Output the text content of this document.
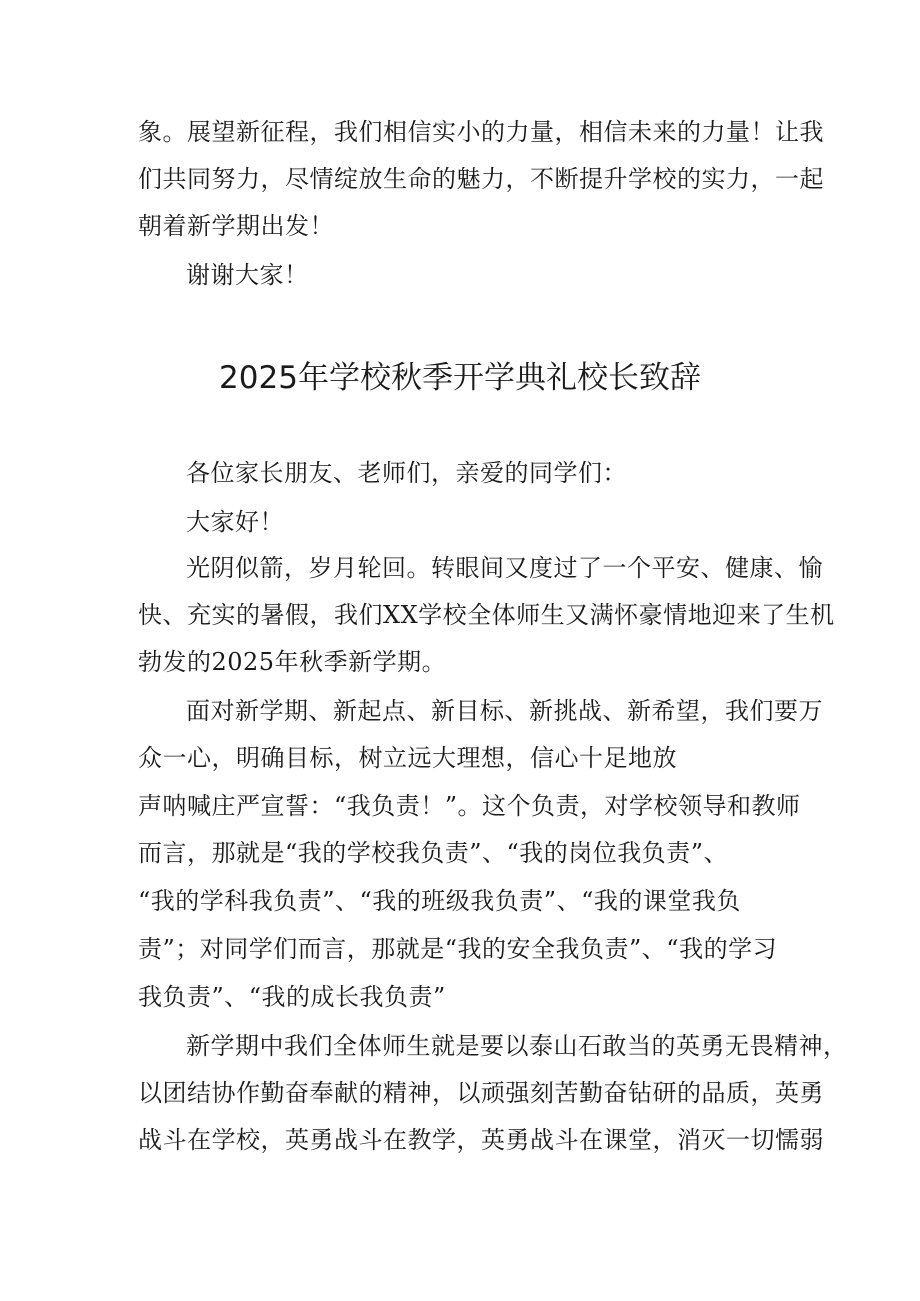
象。展望新征程，我们相信实小的力量，相信未来的力量！让我
们共同努力，尽情绽放生命的魅力，不断提升学校的实力，一起
朝着新学期出发！
谢谢大家！
2025年学校秋季开学典礼校长致辞
各位家长朋友、老师们，亲爱的同学们：
大家好！
光阴似箭，岁月轮回。转眼间又度过了一个平安、健康、愉
快、充实的暑假，我们XX学校全体师生又满怀豪情地迎来了生机
勃发的2025年秋季新学期。
面对新学期、新起点、新目标、新挑战、新希望，我们要万
众一心，明确目标，树立远大理想，信心十足地放
声呐喊庄严宣誓：“我负责！”。这个负责，对学校领导和教师
而言，那就是“我的学校我负责”、“我的岗位我负责”、
“我的学科我负责”、“我的班级我负责”、“我的课堂我负
责”；对同学们而言，那就是“我的安全我负责”、“我的学习
我负责”、“我的成长我负责”
新学期中我们全体师生就是要以泰山石敢当的英勇无畏精神，
以团结协作勤奋奉献的精神，以顽强刻苦勤奋钻研的品质，英勇
战斗在学校，英勇战斗在教学，英勇战斗在课堂，消灭一切懦弱
